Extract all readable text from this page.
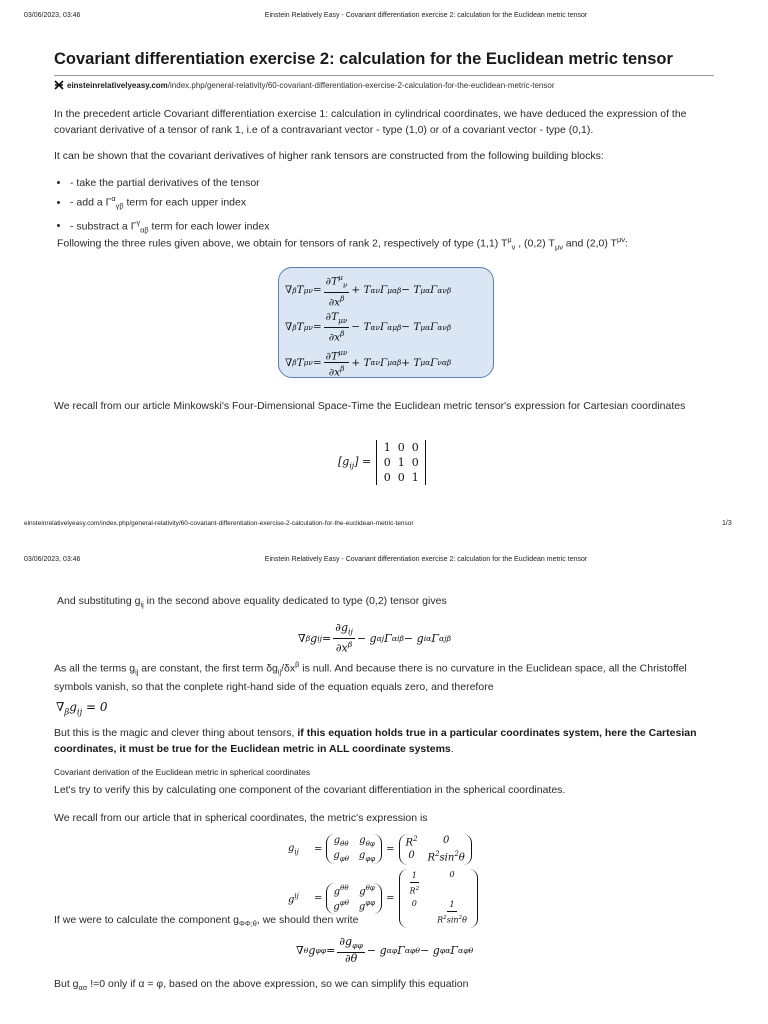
03/06/2023, 03:46	Einstein Relatively Easy - Covariant differentiation exercise 2: calculation for the Euclidean metric tensor
Covariant differentiation exercise 2: calculation for the Euclidean metric tensor
einsteinrelativelyeasy.com/index.php/general-relativity/60-covariant-differentiation-exercise-2-calculation-for-the-euclidean-metric-tensor
In the precedent article Covariant differentiation exercise 1: calculation in cylindrical coordinates, we have deduced the expression of the covariant derivative of a tensor of rank 1, i.e of a contravariant vector - type (1,0) or of a covariant vector - type (0,1).
It can be shown that the covariant derivatives of higher rank tensors are constructed from the following building blocks:
• - take the partial derivatives of the tensor
• - add a $\Gamma^\alpha_{\gamma\beta}$ term for each upper index
• - substract a $\Gamma^\gamma_{\alpha\beta}$ term for each lower index
Following the three rules given above, we obtain for tensors of rank 2, respectively of type (1,1) $T^\mu_\nu$ , (0,2) $T_{\mu\nu}$ and (2,0) $T^{\mu\nu}$:
∇ β T μ $\nu = \frac{\partial T^\mu_\nu}{\partial x^\beta} + T$ α ν Γ μ αβ − T μ α Γ α νβ
∇ β T $\mu\nu = \frac{\partial T_{\mu\nu}}{\partial x^\beta} - T$ αν Γ α μβ − T μα Γ α νβ
∇ β T $\mu\nu = \frac{\partial T^{\mu\nu}}{\partial x^\beta} + T$ αν Γ μ αβ + T μα Γ ν αβ
We recall from our article Minkowski's Four-Dimensional Space-Time the Euclidean metric tensor's expression for Cartesian coordinates
$[g_{ij}]$ =
1 0 0
0 1 0
0 0 1
einsteinrelativelyeasy.com/index.php/general-relativity/60-covariant-differentiation-exercise-2-calculation-for-the-euclidean-metric-tensor	1/3
03/06/2023, 03:46	Einstein Relatively Easy - Covariant differentiation exercise 2: calculation for the Euclidean metric tensor
And substituting $g_{ij}$ in the second above equality dedicated to type (0,2) tensor gives
∇ β g ij = $\frac{\partial g_{ij}}{\partial x^\beta} - g$ αj Γ α iβ − g iα Γ α jβ
As all the terms $g_{ij}$ are constant, the first term $\delta g_{ij}/\delta x^\beta$ is null. And because there is no curvature in the Euclidean space, all the Christoffel symbols vanish, so that the conplete right-hand side of the equation equals zero, and therefore
$\nabla_\beta g_{ij} = 0$
But this is the magic and clever thing about tensors, if this equation holds true in a particular coordinates system, here the Cartesian coordinates, it must be true for the Euclidean metric in ALL coordinate systems.
Covariant derivation of the Euclidean metric in spherical coordinates
Let's try to verify this by calculating one component of the covariant differentiation in the spherical coordinates.
We recall from our article that in spherical coordinates, the metric's expression is
$g_{ij}$	=
$g_{\theta\theta}$ $g_{\theta\varphi}$
$g_{\varphi\theta}$ $g_{\varphi\varphi}$
=
$R^2$	0
0 $R^2\sin^2\theta$
$g^{ij}$	=
$g^{\theta\theta}$ $g^{\theta\varphi}$
$g^{\varphi\theta}$ $g^{\varphi\varphi}$ =
$\frac{1}{R^2}$	0
0	$\frac{1}{R^2\sin^2\theta}$
If we were to calculate the component $g_{\Phi\Phi;\theta}$, we should then write
∇ θ g $\varphi\varphi = \frac{\partial g_{\varphi\varphi}}{\partial\theta} - g$ αφ Γ α φθ − g φα Γ α φθ
But $g_{\alpha\sigma}$ !=0 only if α = φ, based on the above expression, so we can simplify this equation
